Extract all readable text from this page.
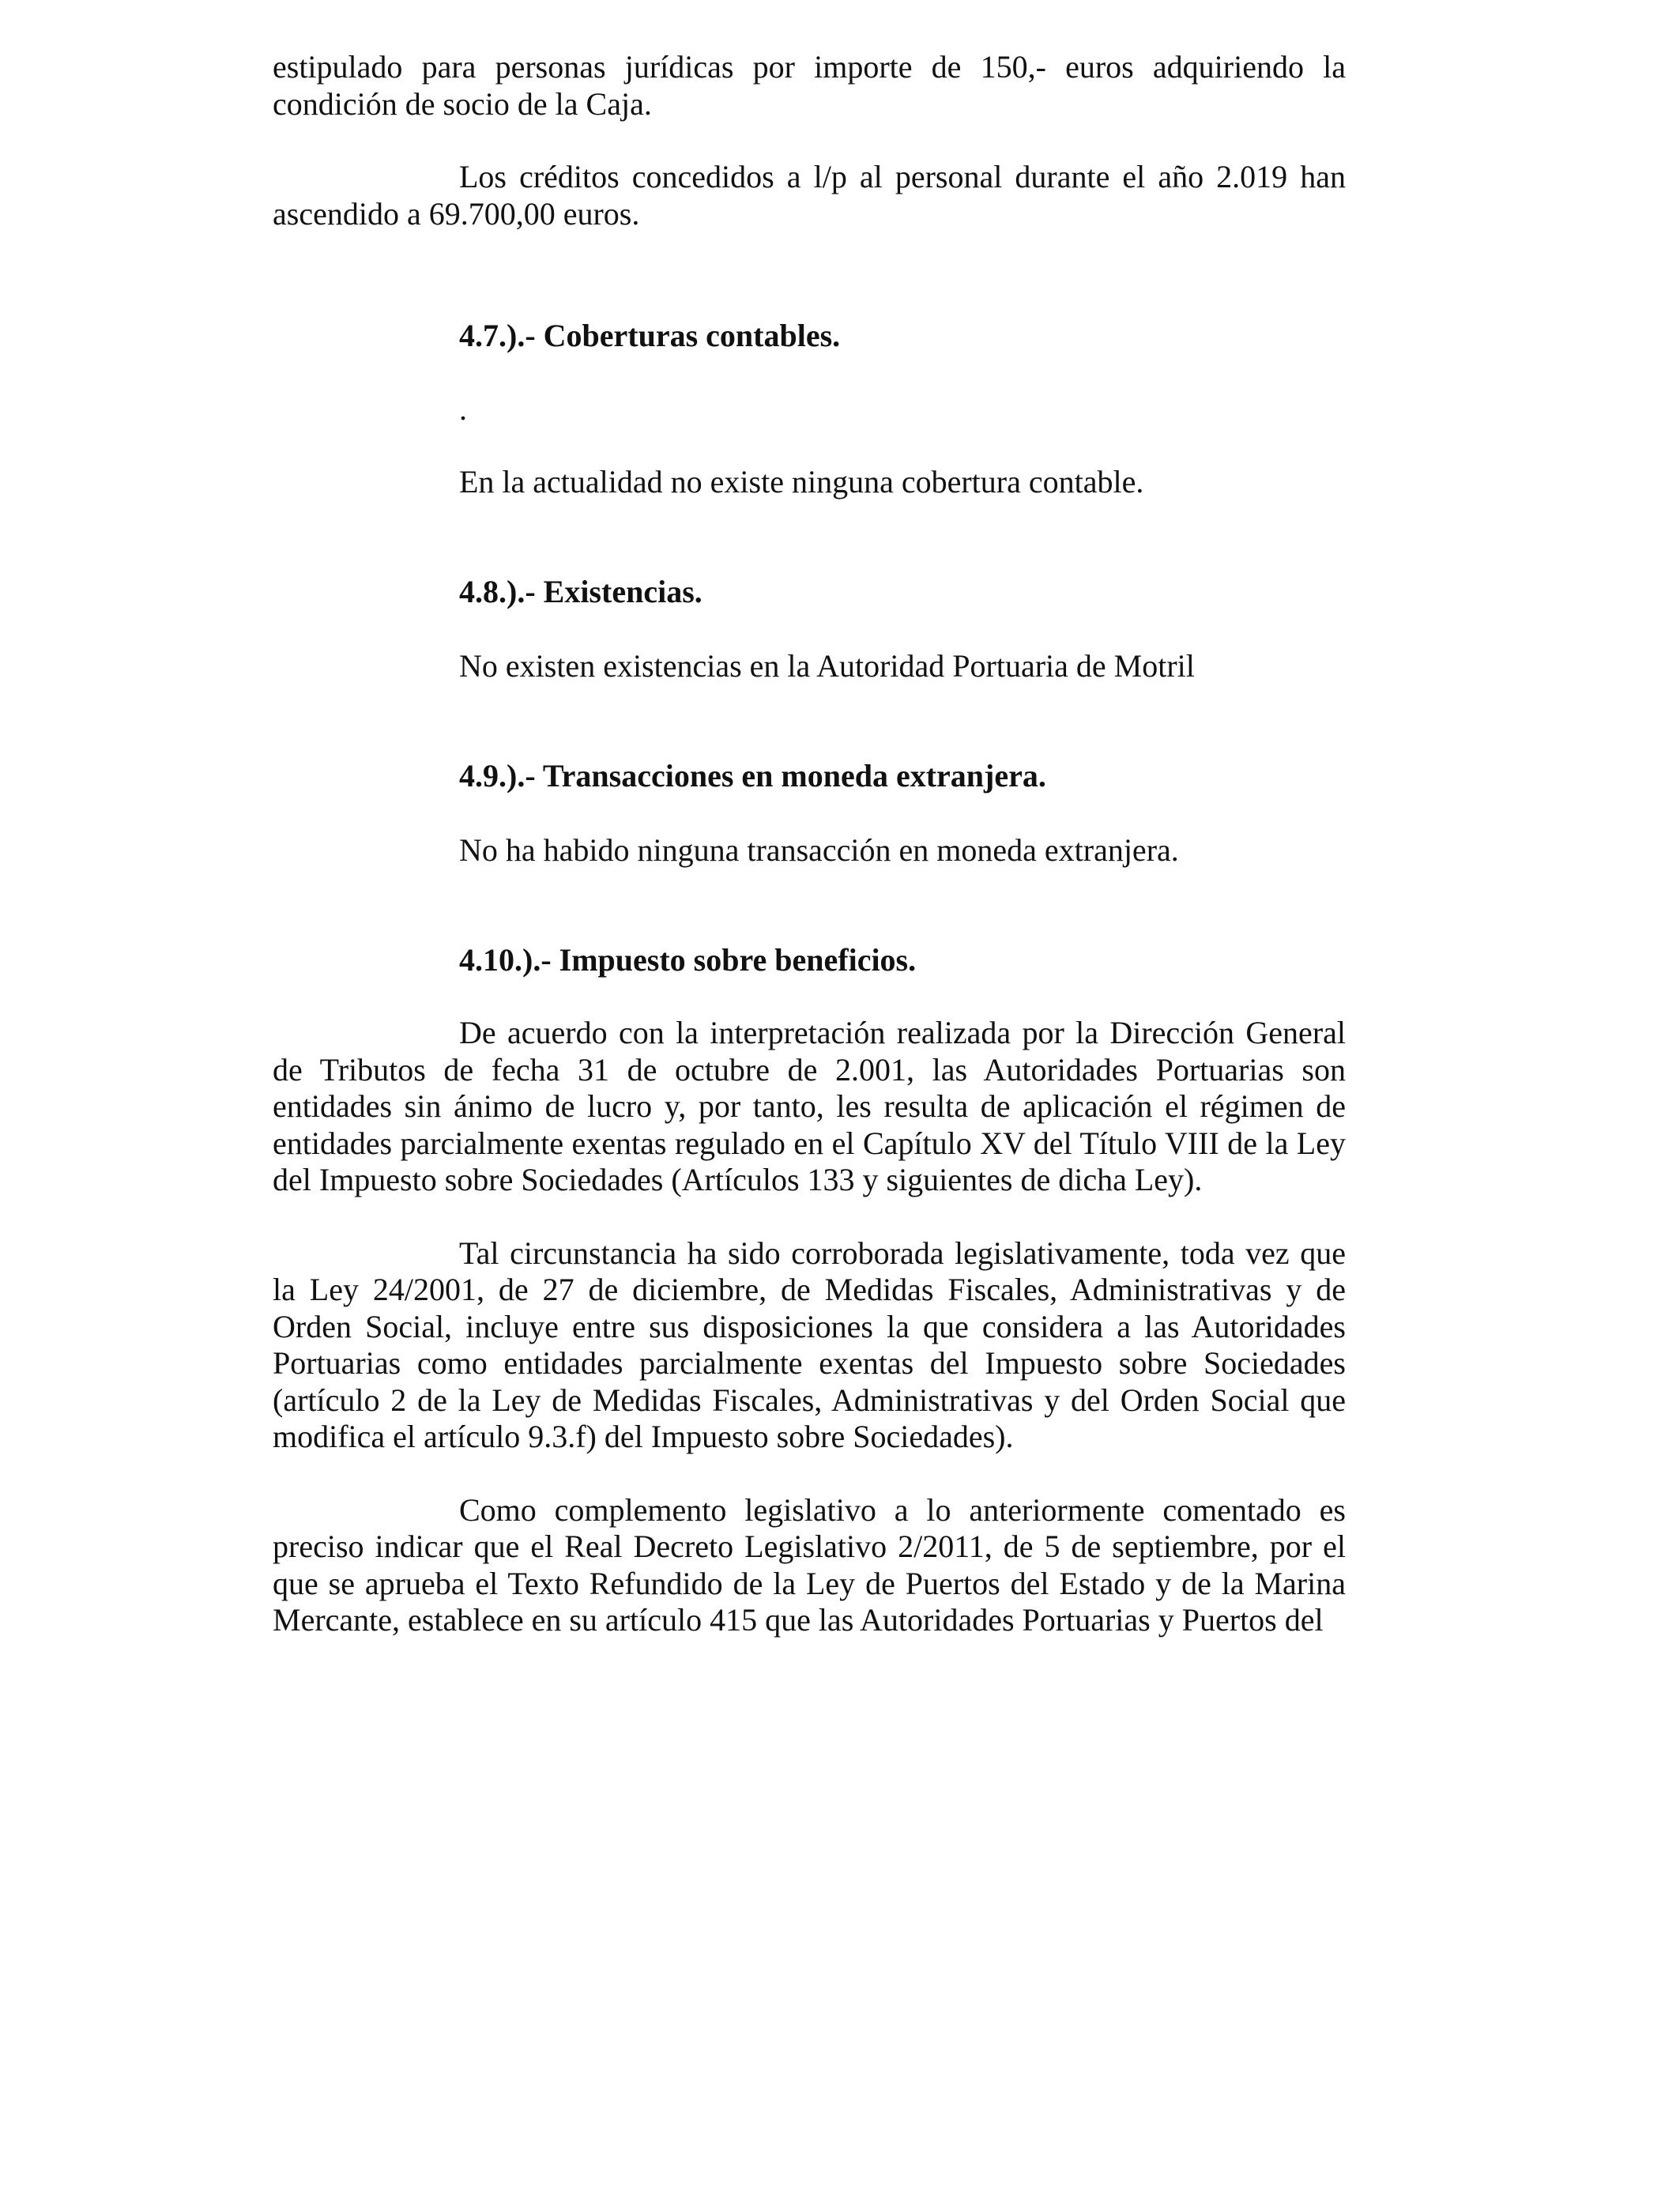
estipulado para personas jurídicas por importe de 150,- euros adquiriendo la condición de socio de la Caja.

Los créditos concedidos a l/p al personal durante el año 2.019 han ascendido a 69.700,00 euros.

4.7.).- Coberturas contables.

.

En la actualidad no existe ninguna cobertura contable.

4.8.).- Existencias.

No existen existencias en la Autoridad Portuaria de Motril

4.9.).- Transacciones en moneda extranjera.

No ha habido ninguna transacción en moneda extranjera.

4.10.).- Impuesto sobre beneficios.

De acuerdo con la interpretación realizada por la Dirección General de Tributos de fecha 31 de octubre de 2.001, las Autoridades Portuarias son entidades sin ánimo de lucro y, por tanto, les resulta de aplicación el régimen de entidades parcialmente exentas regulado en el Capítulo XV del Título VIII de la Ley del Impuesto sobre Sociedades (Artículos 133 y siguientes de dicha Ley).

Tal circunstancia ha sido corroborada legislativamente, toda vez que la Ley 24/2001, de 27 de diciembre, de Medidas Fiscales, Administrativas y de Orden Social, incluye entre sus disposiciones la que considera a las Autoridades Portuarias como entidades parcialmente exentas del Impuesto sobre Sociedades (artículo 2 de la Ley de Medidas Fiscales, Administrativas y del Orden Social que modifica el artículo 9.3.f) del Impuesto sobre Sociedades).

Como complemento legislativo a lo anteriormente comentado es preciso indicar que el Real Decreto Legislativo 2/2011, de 5 de septiembre, por el que se aprueba el Texto Refundido de la Ley de Puertos del Estado y de la Marina Mercante, establece en su artículo 415 que las Autoridades Portuarias y Puertos del
